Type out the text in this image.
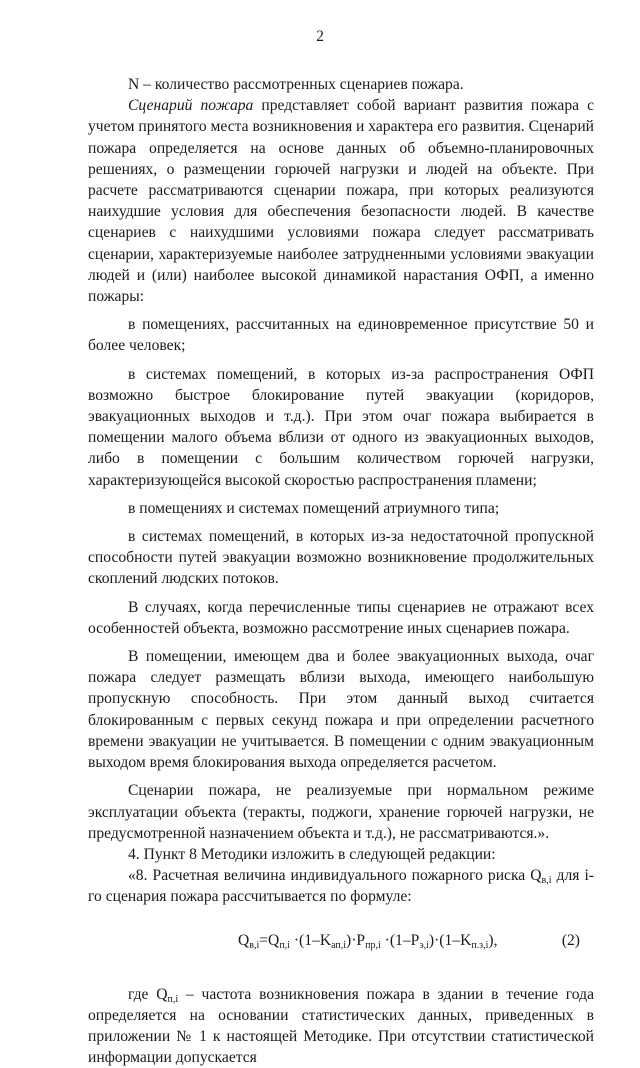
2

N – количество рассмотренных сценариев пожара.

Сценарий пожара представляет собой вариант развития пожара с учетом принятого места возникновения и характера его развития. Сценарий пожара определяется на основе данных об объемно-планировочных решениях, о размещении горючей нагрузки и людей на объекте. При расчете рассматриваются сценарии пожара, при которых реализуются наихудшие условия для обеспечения безопасности людей. В качестве сценариев с наихудшими условиями пожара следует рассматривать сценарии, характеризуемые наиболее затрудненными условиями эвакуации людей и (или) наиболее высокой динамикой нарастания ОФП, а именно пожары:

в помещениях, рассчитанных на единовременное присутствие 50 и более человек;

в системах помещений, в которых из-за распространения ОФП возможно быстрое блокирование путей эвакуации (коридоров, эвакуационных выходов и т.д.). При этом очаг пожара выбирается в помещении малого объема вблизи от одного из эвакуационных выходов, либо в помещении с большим количеством горючей нагрузки, характеризующейся высокой скоростью распространения пламени;

в помещениях и системах помещений атриумного типа;

в системах помещений, в которых из-за недостаточной пропускной способности путей эвакуации возможно возникновение продолжительных скоплений людских потоков.

В случаях, когда перечисленные типы сценариев не отражают всех особенностей объекта, возможно рассмотрение иных сценариев пожара.

В помещении, имеющем два и более эвакуационных выхода, очаг пожара следует размещать вблизи выхода, имеющего наибольшую пропускную способность. При этом данный выход считается блокированным с первых секунд пожара и при определении расчетного времени эвакуации не учитывается. В помещении с одним эвакуационным выходом время блокирования выхода определяется расчетом.

Сценарии пожара, не реализуемые при нормальном режиме эксплуатации объекта (теракты, поджоги, хранение горючей нагрузки, не предусмотренной назначением объекта и т.д.), не рассматриваются.».

4. Пункт 8 Методики изложить в следующей редакции:

«8. Расчетная величина индивидуального пожарного риска $Q_{в,i}$ для i-го сценария пожара рассчитывается по формуле:

$Q_{в,i}=Q_{п,i} \cdot(1-K_{ап,i})\cdot P_{пр,i} \cdot(1-P_{э,i})\cdot(1-K_{п.з,i})$,	(2)

где $Q_{п,i}$ – частота возникновения пожара в здании в течение года определяется на основании статистических данных, приведенных в приложении № 1 к настоящей Методике. При отсутствии статистической информации допускается
